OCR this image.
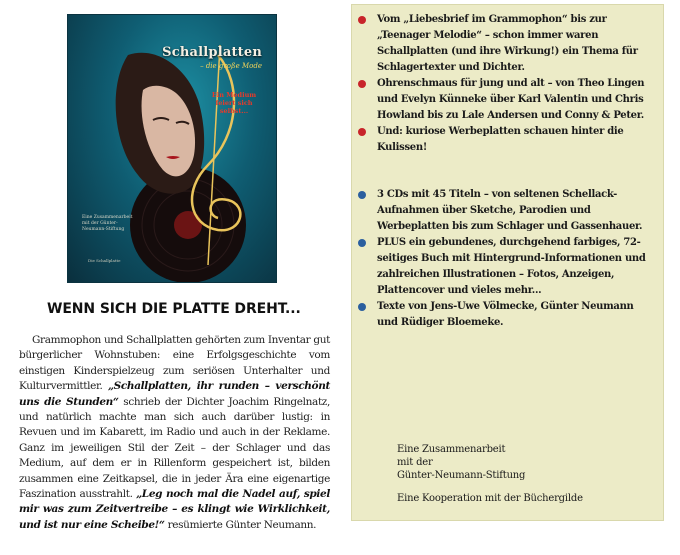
Schallplatten
– die große Mode
Ein Medium feiert sich selbst...
Eine Zusammenarbeit mit der Günter-Neumann-Stiftung
Die Schallplatte
WENN SICH DIE PLATTE DREHT...

Grammophon und Schallplatten gehörten zum Inventar gut bürgerlicher Wohnstuben: eine Erfolgsgeschichte vom einstigen Kinderspielzeug zum seriösen Unterhalter und Kulturvermittler. „Schallplatten, ihr runden – verschönt uns die Stunden“ schrieb der Dichter Joachim Ringelnatz, und natürlich machte man sich auch darüber lustig: in Revuen und im Kabarett, im Radio und auch in der Reklame. Ganz im jeweiligen Stil der Zeit – der Schlager und das Medium, auf dem er in Rillenform gespeichert ist, bilden zusammen eine Zeitkapsel, die in jeder Ära eine eigenartige Faszination ausstrahlt. „Leg noch mal die Nadel auf, spiel mir was zum Zeitvertreibe – es klingt wie Wirklichkeit, und ist nur eine Scheibe!“ resümierte Günter Neumann.

Vom „Liebesbrief im Grammophon“ bis zur „Teenager Melodie“ – schon immer waren Schallplatten (und ihre Wirkung!) ein Thema für Schlagertexter und Dichter.
Ohrenschmaus für jung und alt – von Theo Lingen und Evelyn Künneke über Karl Valentin und Chris Howland bis zu Lale Andersen und Conny & Peter.
Und: kuriose Werbeplatten schauen hinter die Kulissen!
3 CDs mit 45 Titeln – von seltenen Schellack-Aufnahmen über Sketche, Parodien und Werbeplatten bis zum Schlager und Gassenhauer.
PLUS ein gebundenes, durchgehend farbiges, 72-seitiges Buch mit Hintergrund-Informationen und zahlreichen Illustrationen – Fotos, Anzeigen, Plattencover und vieles mehr...
Texte von Jens-Uwe Völmecke, Günter Neumann und Rüdiger Bloemeke.

Eine Zusammenarbeit

mit der

Günter-Neumann-Stiftung

Eine Kooperation mit der Büchergilde
